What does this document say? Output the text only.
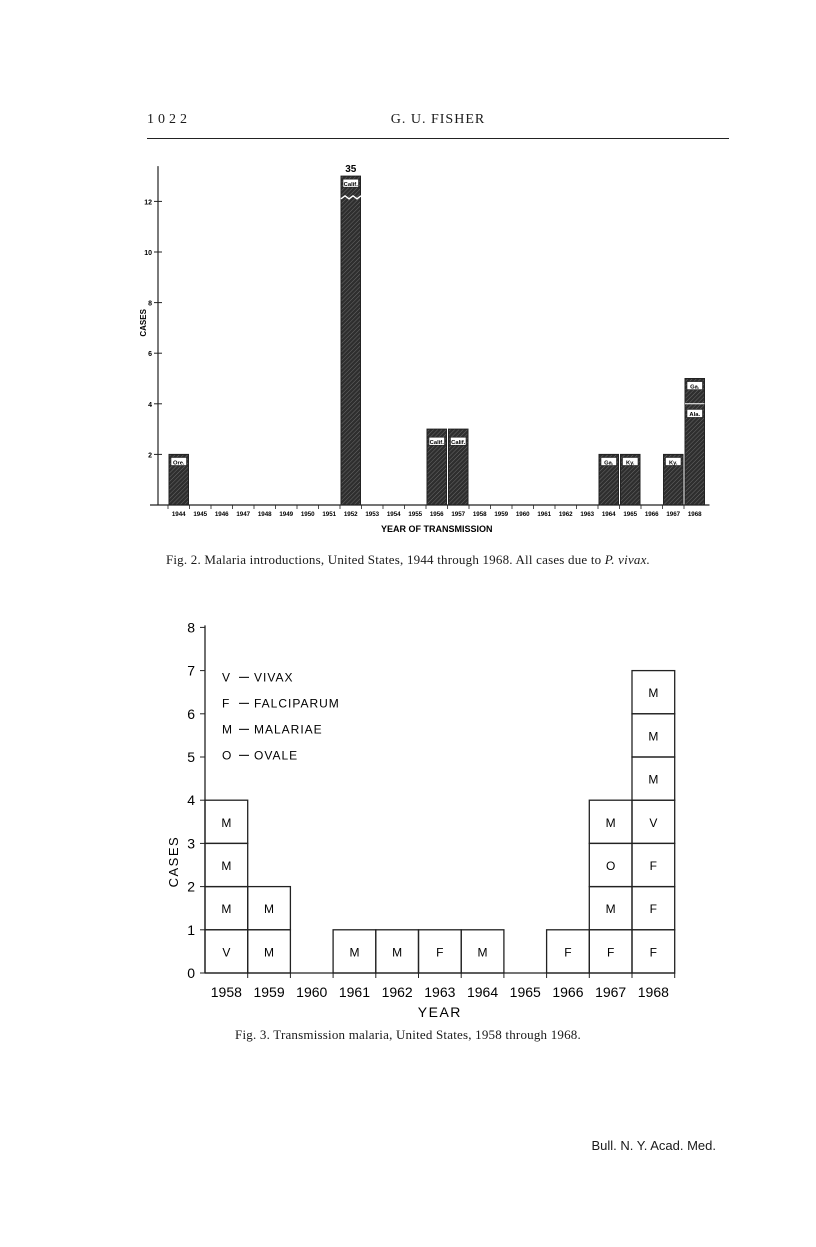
1022	G. U. FISHER
35
Ore.
Calif.
Calif. Calif.
Ga. Ky.	Ky.
Ala.
Ga.
2
4
6
8
10
12
CASES
YEAR OF TRANSMISSION
1944 1945 1946 1947 1948 1949 1950 1951 1952 1953 1954 1955 1956 1957 1958 1959 1960 1961 1962 1963 1964 1965 1966 1967 1968
Fig. 2. Malaria introductions, United States, 1944 through 1968. All cases due to P. vivax.
0
1
2
3
4
5
6
7
8
CASES
1958 1959 1960 1961 1962 1963 1964 1965 1966 1967 1968
YEAR
V
M
M
M
M
M
M	M	F	M	F	F
M
O
M
F
F
F
V
M
M
M
V VIVAX
F FALCIPARUM
M MALARIAE
O OVALE
Fig. 3. Transmission malaria, United States, 1958 through 1968.
Bull. N. Y. Acad. Med.
